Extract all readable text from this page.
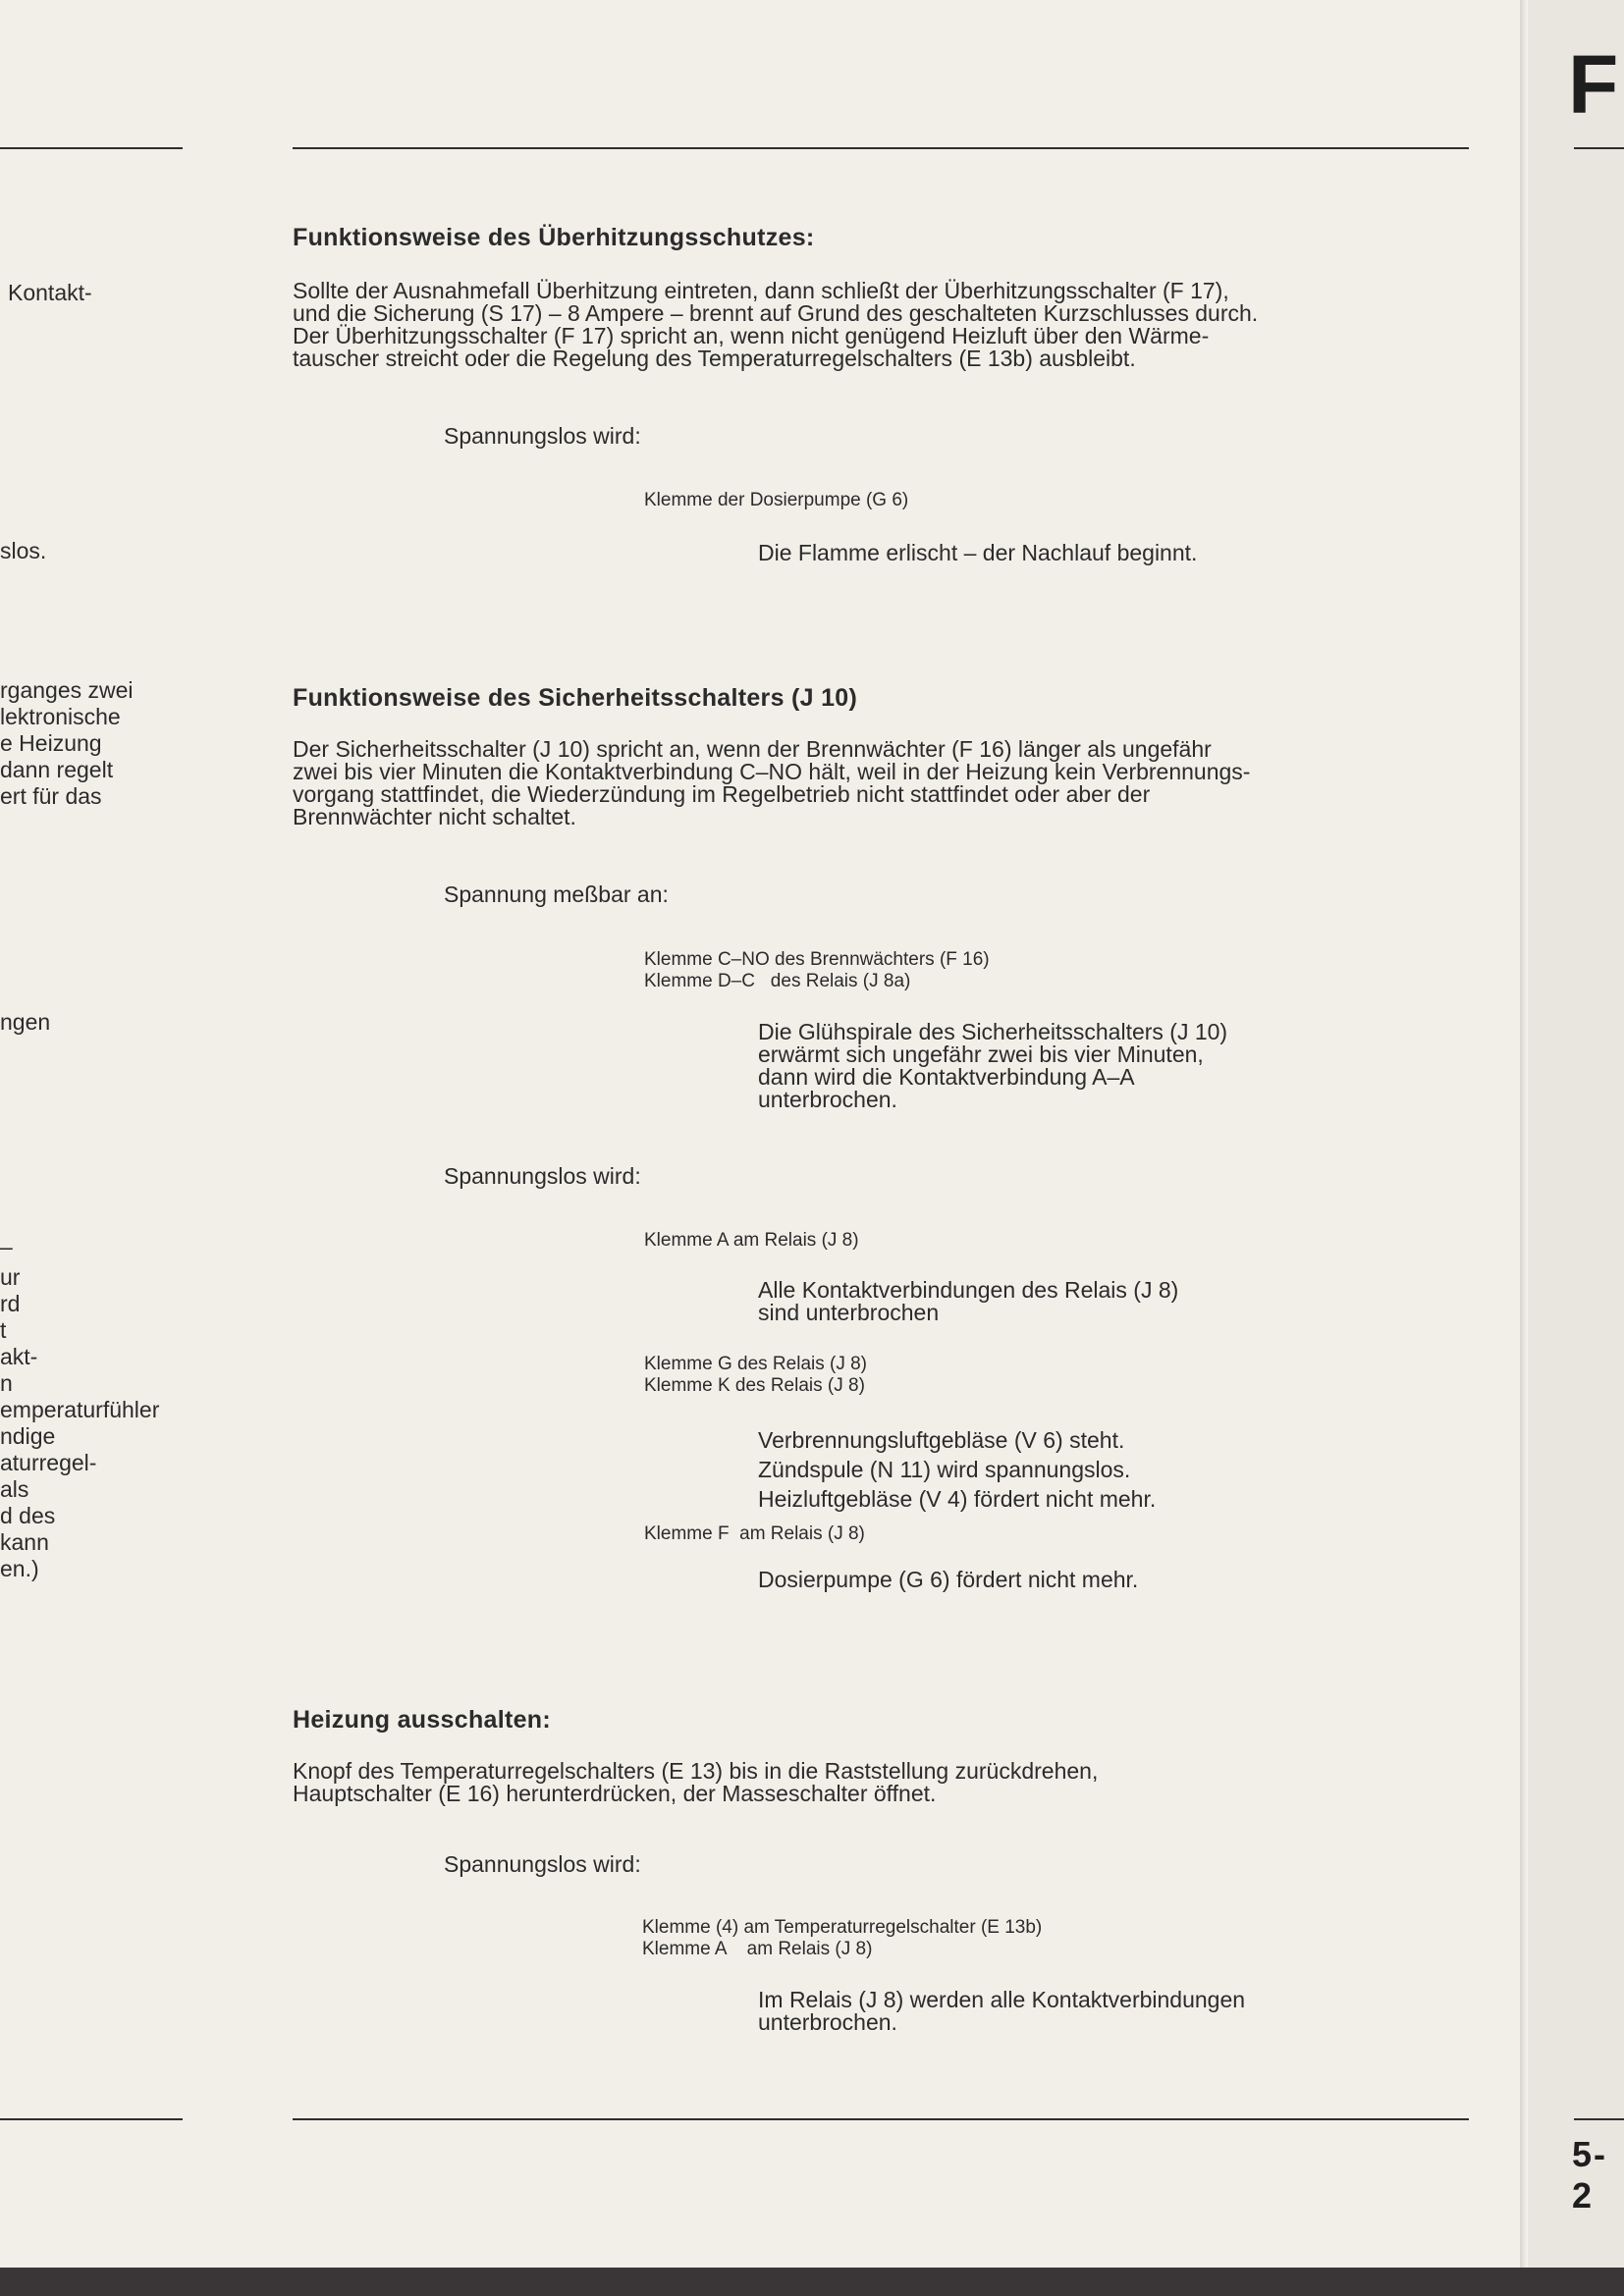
F
5-2
Kontakt-
slos.
rganges zwei
lektronische
e Heizung
dann regelt
ert für das
ngen
–
ur
rd
t
akt-
n
emperaturfühler
ndige
aturregel-
als
d des
kann
en.)
Funktionsweise des Überhitzungsschutzes:
Sollte der Ausnahmefall Überhitzung eintreten, dann schließt der Überhitzungsschalter (F 17),
und die Sicherung (S 17) – 8 Ampere – brennt auf Grund des geschalteten Kurzschlusses durch.
Der Überhitzungsschalter (F 17) spricht an, wenn nicht genügend Heizluft über den Wärme-
tauscher streicht oder die Regelung des Temperaturregelschalters (E 13b) ausbleibt.
Spannungslos wird:
Klemme der Dosierpumpe (G 6)
Die Flamme erlischt – der Nachlauf beginnt.
Funktionsweise des Sicherheitsschalters (J 10)
Der Sicherheitsschalter (J 10) spricht an, wenn der Brennwächter (F 16) länger als ungefähr
zwei bis vier Minuten die Kontaktverbindung C–NO hält, weil in der Heizung kein Verbrennungs-
vorgang stattfindet, die Wiederzündung im Regelbetrieb nicht stattfindet oder aber der
Brennwächter nicht schaltet.
Spannung meßbar an:
Klemme C–NO des Brennwächters (F 16)
Klemme D–C   des Relais (J 8a)
Die Glühspirale des Sicherheitsschalters (J 10)
erwärmt sich ungefähr zwei bis vier Minuten,
dann wird die Kontaktverbindung A–A
unterbrochen.
Spannungslos wird:
Klemme A am Relais (J 8)
Alle Kontaktverbindungen des Relais (J 8)
sind unterbrochen
Klemme G des Relais (J 8)
Klemme K des Relais (J 8)
Verbrennungsluftgebläse (V 6) steht.
Zündspule (N 11) wird spannungslos.
Heizluftgebläse (V 4) fördert nicht mehr.
Klemme F  am Relais (J 8)
Dosierpumpe (G 6) fördert nicht mehr.
Heizung ausschalten:
Knopf des Temperaturregelschalters (E 13) bis in die Raststellung zurückdrehen,
Hauptschalter (E 16) herunterdrücken, der Masseschalter öffnet.
Spannungslos wird:
Klemme (4) am Temperaturregelschalter (E 13b)
Klemme A    am Relais (J 8)
Im Relais (J 8) werden alle Kontaktverbindungen
unterbrochen.
